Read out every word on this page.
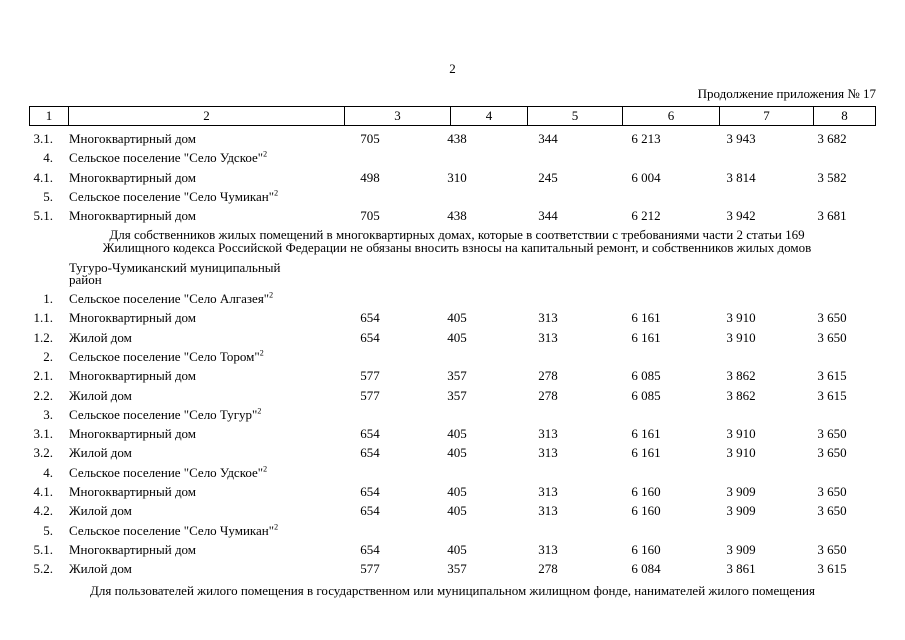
2
Продолжение приложения № 17
1	2	3	4	5	6	7	8
3.1. Многоквартирный дом	705	438	344	6 213	3 943	3 682
4. Сельское поселение "Село Удское"$^2$
4.1. Многоквартирный дом	498	310	245	6 004	3 814	3 582
5. Сельское поселение "Село Чумикан"$^2$
5.1. Многоквартирный дом	705	438	344	6 212	3 942	3 681

Для собственников жилых помещений в многоквартирных домах, которые в соответствии с требованиями части 2 статьи 169

Жилищного кодекса Российской Федерации не обязаны вносить взносы на капитальный ремонт, и собственников жилых домов

Тугуро-Чумиканский муниципальный
район
1. Сельское поселение "Село Алгазея"$^2$
1.1. Многоквартирный дом	654	405	313	6 161	3 910	3 650
1.2. Жилой дом	654	405	313	6 161	3 910	3 650
2. Сельское поселение "Село Тором"$^2$
2.1. Многоквартирный дом	577	357	278	6 085	3 862	3 615
2.2. Жилой дом	577	357	278	6 085	3 862	3 615
3. Сельское поселение "Село Тугур"$^2$
3.1. Многоквартирный дом	654	405	313	6 161	3 910	3 650
3.2. Жилой дом	654	405	313	6 161	3 910	3 650
4. Сельское поселение "Село Удское"$^2$
4.1. Многоквартирный дом	654	405	313	6 160	3 909	3 650
4.2. Жилой дом	654	405	313	6 160	3 909	3 650
5. Сельское поселение "Село Чумикан"$^2$
5.1. Многоквартирный дом	654	405	313	6 160	3 909	3 650
5.2. Жилой дом	577	357	278	6 084	3 861	3 615
Для пользователей жилого помещения в государственном или муниципальном жилищном фонде, нанимателей жилого помещения
